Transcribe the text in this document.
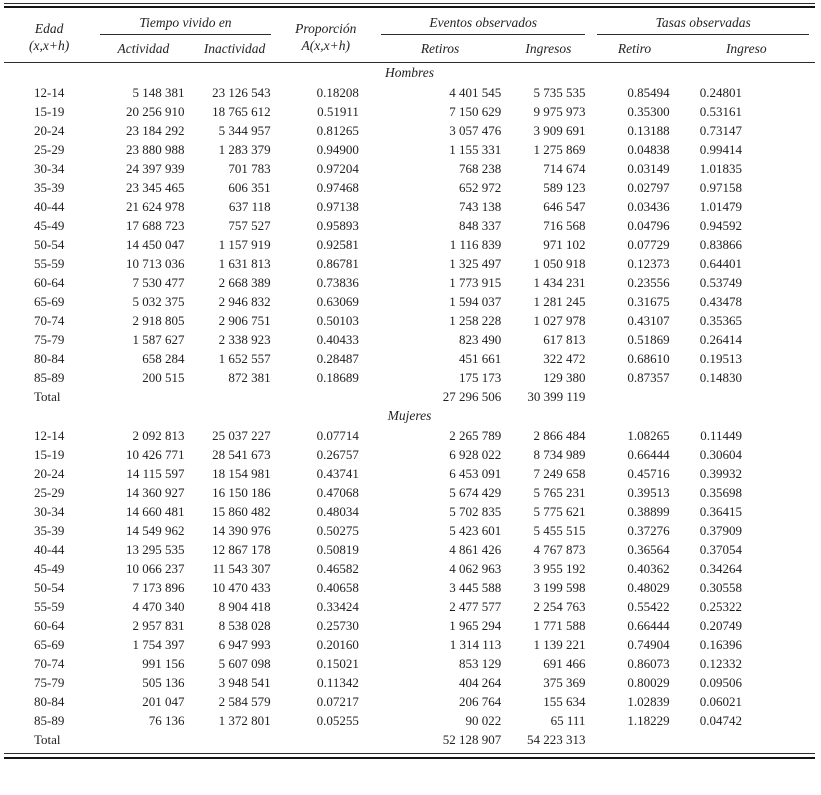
Edad
(x,x+h)

Tiempo vivido en	Proporción
A(x,x+h)

Eventos observados	Tasas observadas

	Actividad	Inactividad		Retiros	Ingresos	Retiro	Ingreso
Hombres							
12-14	5 148 381	23 126 543	0.18208	4 401 545	5 735 535	0.85494	0.24801
15-19	20 256 910	18 765 612	0.51911	7 150 629	9 975 973	0.35300	0.53161
20-24	23 184 292	5 344 957	0.81265	3 057 476	3 909 691	0.13188	0.73147
25-29	23 880 988	1 283 379	0.94900	1 155 331	1 275 869	0.04838	0.99414
30-34	24 397 939	701 783	0.97204	768 238	714 674	0.03149	1.01835
35-39	23 345 465	606 351	0.97468	652 972	589 123	0.02797	0.97158
40-44	21 624 978	637 118	0.97138	743 138	646 547	0.03436	1.01479
45-49	17 688 723	757 527	0.95893	848 337	716 568	0.04796	0.94592
50-54	14 450 047	1 157 919	0.92581	1 116 839	971 102	0.07729	0.83866
55-59	10 713 036	1 631 813	0.86781	1 325 497	1 050 918	0.12373	0.64401
60-64	7 530 477	2 668 389	0.73836	1 773 915	1 434 231	0.23556	0.53749
65-69	5 032 375	2 946 832	0.63069	1 594 037	1 281 245	0.31675	0.43478
70-74	2 918 805	2 906 751	0.50103	1 258 228	1 027 978	0.43107	0.35365
75-79	1 587 627	2 338 923	0.40433	823 490	617 813	0.51869	0.26414
80-84	658 284	1 652 557	0.28487	451 661	322 472	0.68610	0.19513
85-89	200 515	872 381	0.18689	175 173	129 380	0.87357	0.14830
Total				27 296 506	30 399 119		
Mujeres							
12-14	2 092 813	25 037 227	0.07714	2 265 789	2 866 484	1.08265	0.11449
15-19	10 426 771	28 541 673	0.26757	6 928 022	8 734 989	0.66444	0.30604
20-24	14 115 597	18 154 981	0.43741	6 453 091	7 249 658	0.45716	0.39932
25-29	14 360 927	16 150 186	0.47068	5 674 429	5 765 231	0.39513	0.35698
30-34	14 660 481	15 860 482	0.48034	5 702 835	5 775 621	0.38899	0.36415
35-39	14 549 962	14 390 976	0.50275	5 423 601	5 455 515	0.37276	0.37909
40-44	13 295 535	12 867 178	0.50819	4 861 426	4 767 873	0.36564	0.37054
45-49	10 066 237	11 543 307	0.46582	4 062 963	3 955 192	0.40362	0.34264
50-54	7 173 896	10 470 433	0.40658	3 445 588	3 199 598	0.48029	0.30558
55-59	4 470 340	8 904 418	0.33424	2 477 577	2 254 763	0.55422	0.25322
60-64	2 957 831	8 538 028	0.25730	1 965 294	1 771 588	0.66444	0.20749
65-69	1 754 397	6 947 993	0.20160	1 314 113	1 139 221	0.74904	0.16396
70-74	991 156	5 607 098	0.15021	853 129	691 466	0.86073	0.12332
75-79	505 136	3 948 541	0.11342	404 264	375 369	0.80029	0.09506
80-84	201 047	2 584 579	0.07217	206 764	155 634	1.02839	0.06021
85-89	76 136	1 372 801	0.05255	90 022	65 111	1.18229	0.04742
Total				52 128 907	54 223 313		
